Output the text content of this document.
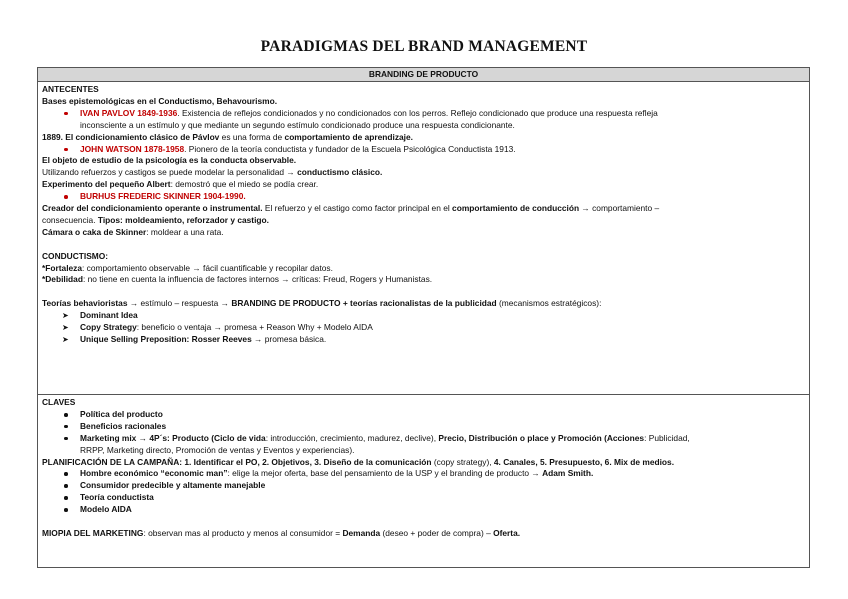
PARADIGMAS DEL BRAND MANAGEMENT
BRANDING DE PRODUCTO
ANTECENTES
Bases epistemológicas en el Conductismo, Behavourismo.
IVAN PAVLOV 1849-1936. Existencia de reflejos condicionados y no condicionados con los perros. Reflejo condicionado que produce una respuesta refleja
inconsciente a un estímulo y que mediante un segundo estímulo condicionado produce una respuesta condicionante.
1889. El condicionamiento clásico de Pávlov es una forma de comportamiento de aprendizaje.
JOHN WATSON 1878-1958. Pionero de la teoría conductista y fundador de la Escuela Psicológica Conductista 1913.
El objeto de estudio de la psicología es la conducta observable.
Utilizando refuerzos y castigos se puede modelar la personalidad → conductismo clásico.
Experimento del pequeño Albert: demostró que el miedo se podía crear.
BURHUS FREDERIC SKINNER 1904-1990.
Creador del condicionamiento operante o instrumental. El refuerzo y el castigo como factor principal en el comportamiento de conducción → comportamiento –
consecuencia. Tipos: moldeamiento, reforzador y castigo.
Cámara o caka de Skinner: moldear a una rata.
CONDUCTISMO:
*Fortaleza: comportamiento observable → fácil cuantificable y recopilar datos.
*Debilidad: no tiene en cuenta la influencia de factores internos → críticas: Freud, Rogers y Humanistas.
Teorías behavioristas → estímulo – respuesta → BRANDING DE PRODUCTO + teorías racionalistas de la publicidad (mecanismos estratégicos):
➤ Dominant Idea
➤ Copy Strategy: beneficio o ventaja → promesa + Reason Why + Modelo AIDA
➤ Unique Selling Preposition: Rosser Reeves → promesa básica.
CLAVES
Política del producto
Beneficios racionales
Marketing mix → 4P´s: Producto (Ciclo de vida: introducción, crecimiento, madurez, declive), Precio, Distribución o place y Promoción (Acciones: Publicidad,
RRPP, Marketing directo, Promoción de ventas y Eventos y experiencias).
PLANIFICACIÓN DE LA CAMPAÑA: 1. Identificar el PO, 2. Objetivos, 3. Diseño de la comunicación (copy strategy), 4. Canales, 5. Presupuesto, 6. Mix de medios.
Hombre económico “economic man”: elige la mejor oferta, base del pensamiento de la USP y el branding de producto → Adam Smith.
Consumidor predecible y altamente manejable
Teoría conductista
Modelo AIDA
MIOPIA DEL MARKETING: observan mas al producto y menos al consumidor = Demanda (deseo + poder de compra) – Oferta.
